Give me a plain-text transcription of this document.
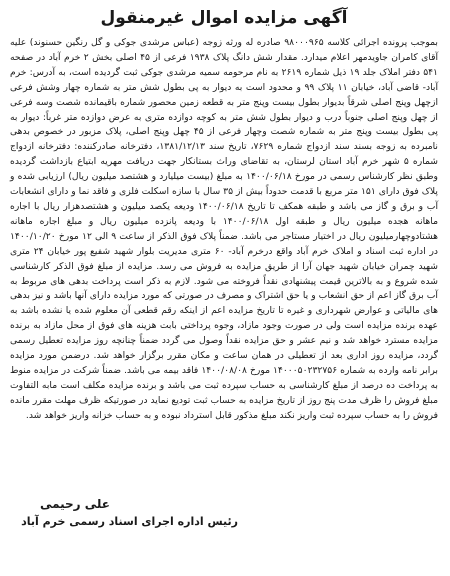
آگهی مزایده اموال غیرمنقول

بموجب پرونده اجرائی کلاسه ۹۸۰۰۰۹۶۵ صادره له ورثه زوجه (عباس مرشدی جوکی و گل رنگین حسنوند) علیه آقای کامران جاویدمهر اعلام میدارد. مقدار شش دانگ پلاک ۱۹۳۸ فرعی از ۴۵ اصلی بخش ۲ خرم آباد در صفحه ۵۴۱ دفتر املاک جلد ۱۹ ذیل شماره ۲۶۱۹ به نام مرحومه سمیه مرشدی جوکی ثبت گردیده است، به آدرس: خرم آباد- قاضی آباد، خیابان ۱۱ پلاک ۹۹ و محدود است به دیوار به پی بطول شش متر به شماره چهار وشش فرعی ازچهل وپنج اصلی شرقاً بدیوار بطول بیست وپنج متر به قطعه زمین محصور شماره باقیمانده شصت وسه فرعی از چهل وپنج اصلی جنوباً درب و دیوار بطول شش متر به کوچه دوازده متری به عرض دوازده متر غرباً: دیوار به پی بطول بیست وپنج متر به شماره شصت وچهار فرعی از ۴۵ چهل وپنج اصلی، پلاک مزبور در خصوص بدهی نامبرده به زوجه بسند سند ازدواج شماره ۷۶۲۹، تاریخ سند ۱۳۸۱/۱۲/۱۳، دفترخانه صادرکننده: دفترخانه ازدواج شماره ۵ شهر خرم آباد استان لرستان، به تقاضای وراث بستانکار جهت دریافت مهریه ابتیاع بازداشت گردیده وطبق نظر کارشناس رسمی در مورخ ۱۴۰۰/۰۶/۱۸ به مبلغ (بیست میلیارد و هشتصد میلیون ریال) ارزیابی شده و پلاک فوق دارای ۱۵۱ متر مربع با قدمت حدوداً بیش از ۳۵ سال با سازه اسکلت فلزی و فاقد نما و دارای انشعابات آب و برق و گاز می باشد و طبقه همکف تا تاریخ ۱۴۰۰/۰۶/۱۸ ودیعه یکصد میلیون و هشتصدهزار ریال با اجاره ماهانه هجده میلیون ریال و طبقه اول ۱۴۰۰/۰۶/۱۸ با ودیعه پانزده میلیون ریال و مبلغ اجاره ماهانه هشتادوچهارمیلیون ریال در اختیار مستاجر می باشد. ضمناً پلاک فوق الذکر از ساعت ۹ الی ۱۲ مورخ ۱۴۰۰/۱۰/۲۰ در اداره ثبت اسناد و املاک خرم آباد واقع درخرم آباد- ۶۰ متری مدیریت بلوار شهید شفیع پور خیابان ۲۴ متری شهید چمران خیابان شهید جهان آرا از طریق مزایده به فروش می رسد. مزایده از مبلغ فوق الذکر کارشناسی شده شروع و به بالاترین قیمت پیشنهادی نقداً فروخته می شود. لازم به ذکر است پرداخت بدهی های مربوط به آب برق گاز اعم از حق انشعاب و یا حق اشتراک و مصرف در صورتی که مورد مزایده دارای آنها باشد و نیز بدهی های مالیاتی و عوارض شهرداری و غیره تا تاریخ مزایده اعم از اینکه رقم قطعی آن معلوم شده یا نشده باشد به عهده برنده مزایده است ولی در صورت وجود مازاد، وجوه پرداختی بابت هزینه های فوق از محل مازاد به برنده مزایده مسترد خواهد شد و نیم عشر و حق مزایده نقداً وصول می گردد ضمناً چنانچه روز مزایده تعطیل رسمی گردد، مزایده روز اداری بعد از تعطیلی در همان ساعت و مکان مقرر برگزار خواهد شد. درضمن مورد مزایده برابر نامه وارده به شماره ۱۴۰۰۰۵۰۲۳۲۷۵۶ مورخ ۱۴۰۰/۰۸/۰۸ فاقد بیمه می باشد. ضمناً شرکت در مزایده منوط به پرداخت ده درصد از مبلغ کارشناسی به حساب سپرده ثبت می باشد و برنده مزایده مکلف است مابه التفاوت مبلغ فروش را ظرف مدت پنج روز از تاریخ مزایده به حساب ثبت تودیع نماید در صورتیکه ظرف مهلت مقرر مانده فروش را به حساب سپرده ثبت واریز نکند مبلغ مذکور قابل استرداد نبوده و به حساب خزانه واریز خواهد شد.

علی رحیمی
رئیس اداره اجرای اسناد رسمی خرم آباد
